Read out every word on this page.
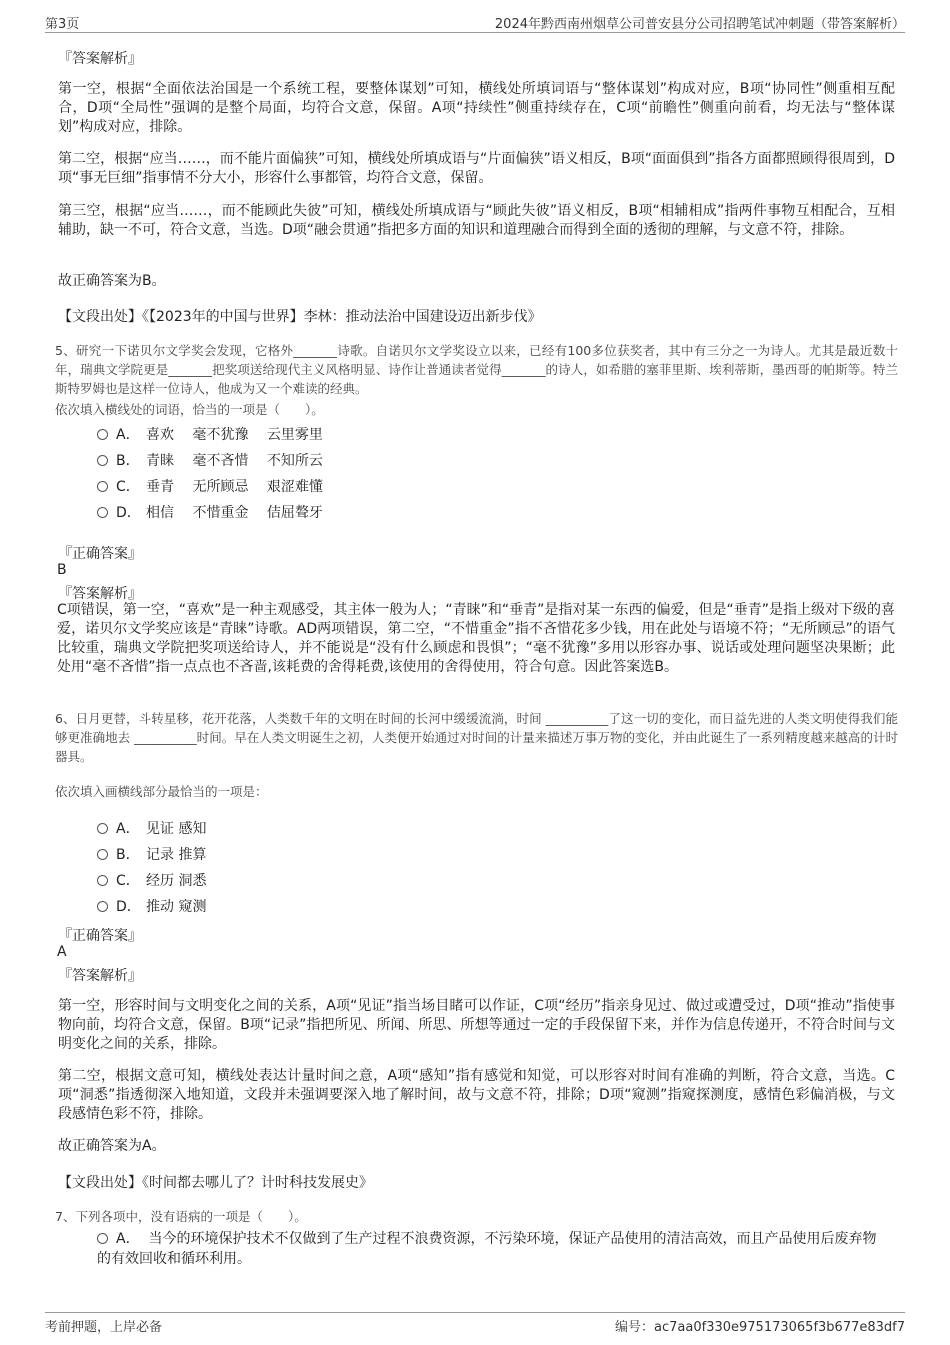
第3页	2024年黔西南州烟草公司普安县分公司招聘笔试冲刺题（带答案解析）
『答案解析』
第一空，根据“全面依法治国是一个系统工程，要整体谋划”可知，横线处所填词语与“整体谋划”构成对应，B项“协同性”侧重相互配合，D项“全局性”强调的是整个局面，均符合文意，保留。A项“持续性”侧重持续存在，C项“前瞻性”侧重向前看，均无法与“整体谋划”构成对应，排除。
第二空，根据“应当……，而不能片面偏狭”可知，横线处所填成语与“片面偏狭”语义相反，B项“面面俱到”指各方面都照顾得很周到，D项“事无巨细”指事情不分大小，形容什么事都管，均符合文意，保留。
第三空，根据“应当……，而不能顾此失彼”可知，横线处所填成语与“顾此失彼”语义相反，B项“相辅相成”指两件事物互相配合，互相辅助，缺一不可，符合文意，当选。D项“融会贯通”指把多方面的知识和道理融合而得到全面的透彻的理解，与文意不符，排除。
故正确答案为B。
【文段出处】《【2023年的中国与世界】李林：推动法治中国建设迈出新步伐》
5、研究一下诺贝尔文学奖会发现，它格外_______诗歌。自诺贝尔文学奖设立以来，已经有100多位获奖者，其中有三分之一为诗人。尤其是最近数十年，瑞典文学院更是_______把奖项送给现代主义风格明显、诗作让普通读者觉得_______的诗人，如希腊的塞菲里斯、埃利蒂斯，墨西哥的帕斯等。特兰斯特罗姆也是这样一位诗人，他成为又一个难读的经典。
依次填入横线处的词语，恰当的一项是（　　）。
A． 喜欢　 毫不犹豫　 云里雾里
B． 青睐　 毫不吝惜　 不知所云
C． 垂青　 无所顾忌　 艰涩难懂
D． 相信　 不惜重金　 佶屈聱牙
『正确答案』
B
『答案解析』
C项错误，第一空，“喜欢”是一种主观感受，其主体一般为人；“青睐”和“垂青”是指对某一东西的偏爱，但是“垂青”是指上级对下级的喜爱，诺贝尔文学奖应该是“青睐”诗歌。AD两项错误，第二空，“不惜重金”指不吝惜花多少钱，用在此处与语境不符；“无所顾忌”的语气比较重，瑞典文学院把奖项送给诗人，并不能说是“没有什么顾虑和畏惧”；“毫不犹豫”多用以形容办事、说话或处理问题坚决果断；此处用“毫不吝惜”指一点点也不吝啬,该耗费的舍得耗费,该使用的舍得使用，符合句意。因此答案选B。
6、日月更替，斗转星移，花开花落，人类数千年的文明在时间的长河中缓缓流淌，时间 __________了这一切的变化，而日益先进的人类文明使得我们能够更准确地去 __________时间。早在人类文明诞生之初，人类便开始通过对时间的计量来描述万事万物的变化，并由此诞生了一系列精度越来越高的计时器具。
依次填入画横线部分最恰当的一项是：
A． 见证 感知
B． 记录 推算
C． 经历 洞悉
D． 推动 窥测
『正确答案』
A
『答案解析』
第一空，形容时间与文明变化之间的关系，A项“见证”指当场目睹可以作证，C项“经历”指亲身见过、做过或遭受过，D项“推动”指使事物向前，均符合文意，保留。B项“记录”指把所见、所闻、所思、所想等通过一定的手段保留下来，并作为信息传递开，不符合时间与文明变化之间的关系，排除。
第二空，根据文意可知，横线处表达计量时间之意，A项“感知”指有感觉和知觉，可以形容对时间有准确的判断，符合文意，当选。C项“洞悉”指透彻深入地知道，文段并未强调要深入地了解时间，故与文意不符，排除；D项“窥测”指窥探测度，感情色彩偏消极，与文段感情色彩不符，排除。
故正确答案为A。
【文段出处】《时间都去哪儿了？计时科技发展史》
7、下列各项中，没有语病的一项是（　　）。
A． 当今的环境保护技术不仅做到了生产过程不浪费资源，不污染环境，保证产品使用的清洁高效，而且产品使用后废弃物的有效回收和循环利用。
考前押题，上岸必备	编号：ac7aa0f330e975173065f3b677e83df7
